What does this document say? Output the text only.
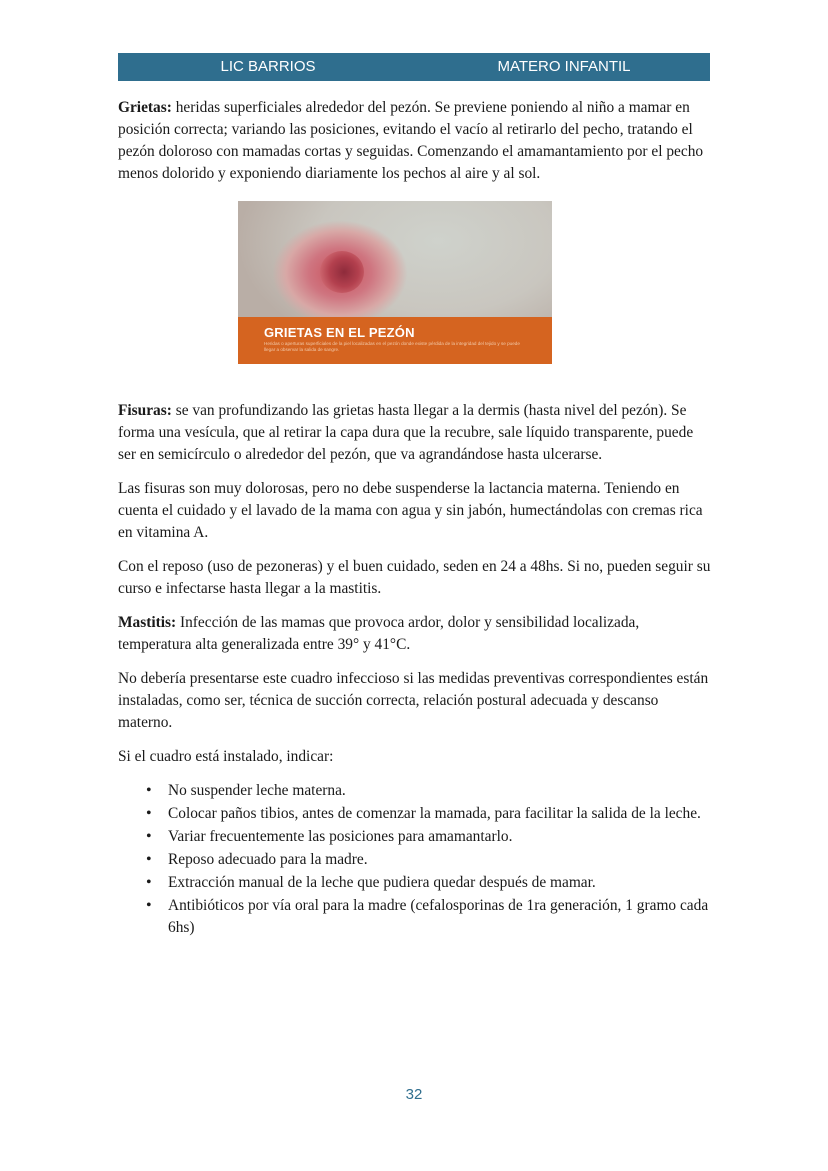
LIC BARRIOS	MATERO INFANTIL

Grietas: heridas superficiales alrededor del pezón. Se previene poniendo al niño a mamar en posición correcta; variando las posiciones, evitando el vacío al retirarlo del pecho, tratando el pezón doloroso con mamadas cortas y seguidas. Comenzando el amamantamiento por el pecho menos dolorido y exponiendo diariamente los pechos al aire y al sol.

GRIETAS EN EL PEZÓN
Heridas o aperturas superficiales de la piel localizadas en el pezón donde existe pérdida de la integridad del tejido y se puede llegar a observar la salida de sangre.

Fisuras: se van profundizando las grietas hasta llegar a la dermis (hasta nivel del pezón). Se forma una vesícula, que al retirar la capa dura que la recubre, sale líquido transparente, puede ser en semicírculo o alrededor del pezón, que va agrandándose hasta ulcerarse.

Las fisuras son muy dolorosas, pero no debe suspenderse la lactancia materna. Teniendo en cuenta el cuidado y el lavado de la mama con agua y sin jabón, humectándolas con cremas rica en vitamina A.

Con el reposo (uso de pezoneras) y el buen cuidado, seden en 24 a 48hs. Si no, pueden seguir su curso e infectarse hasta llegar a la mastitis.

Mastitis: Infección de las mamas que provoca ardor, dolor y sensibilidad localizada, temperatura alta generalizada entre 39° y 41°C.

No debería presentarse este cuadro infeccioso si las medidas preventivas correspondientes están instaladas, como ser, técnica de succión correcta, relación postural adecuada y descanso materno.

Si el cuadro está instalado, indicar:

• No suspender leche materna.
• Colocar paños tibios, antes de comenzar la mamada, para facilitar la salida de la leche.
• Variar frecuentemente las posiciones para amamantarlo.
• Reposo adecuado para la madre.
• Extracción manual de la leche que pudiera quedar después de mamar.
• Antibióticos por vía oral para la madre (cefalosporinas de 1ra generación, 1 gramo cada 6hs)
32
